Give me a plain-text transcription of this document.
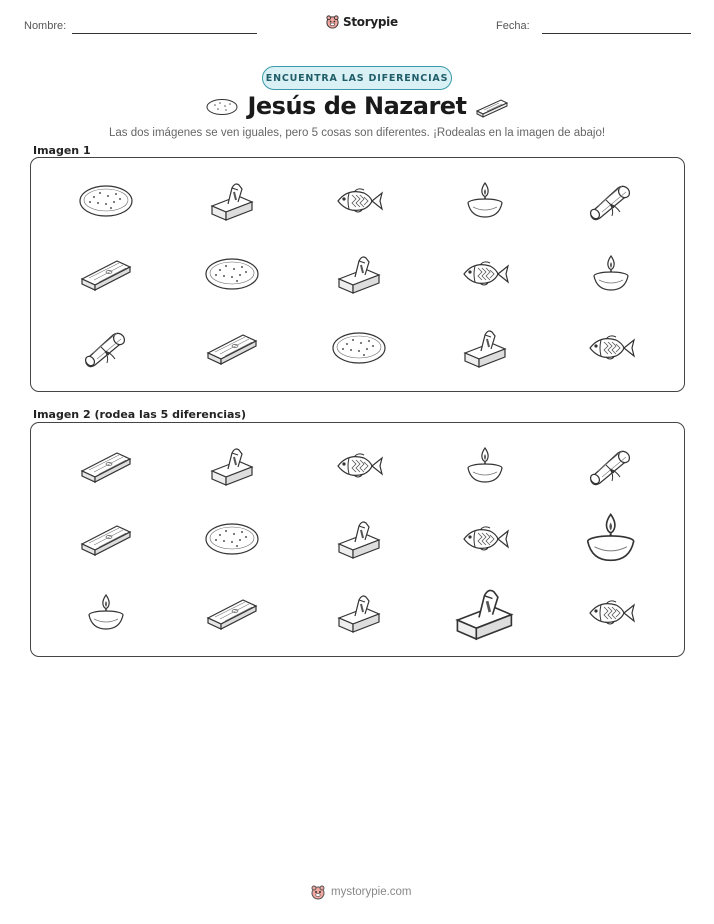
Nombre:	Storypie	Fecha:
ENCUENTRA LAS DIFERENCIAS
Jesús de Nazaret
Las dos imágenes se ven iguales, pero 5 cosas son diferentes. ¡Rodealas en la imagen de abajo!
Imagen 1
Imagen 2 (rodea las 5 diferencias)
mystorypie.com
